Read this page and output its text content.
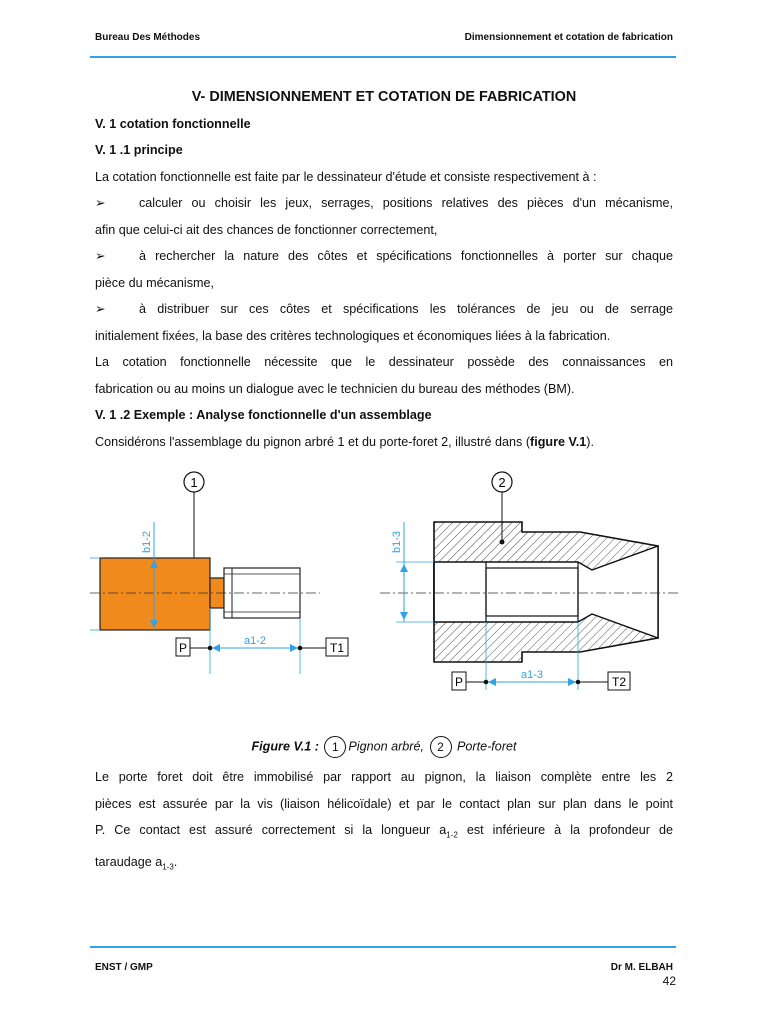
Bureau Des Méthodes	Dimensionnement et cotation de fabrication

V- DIMENSIONNEMENT ET COTATION DE FABRICATION

V. 1 cotation fonctionnelle

V. 1 .1 principe

La cotation fonctionnelle est faite par le dessinateur d'étude et consiste respectivement à :

➢	calculer ou choisir les jeux, serrages, positions relatives des pièces d'un mécanisme,

afin que celui-ci ait des chances de fonctionner correctement,

➢	à rechercher la nature des côtes et spécifications fonctionnelles à porter sur chaque

pièce du mécanisme,

➢	à distribuer sur ces côtes et spécifications les tolérances de jeu ou de serrage

initialement fixées, la base des critères technologiques et économiques liées à la fabrication.

La cotation fonctionnelle nécessite que le dessinateur possède des connaissances en

fabrication ou au moins un dialogue avec le technicien du bureau des méthodes (BM).

V. 1 .2 Exemple : Analyse fonctionnelle d'un assemblage

Considérons l'assemblage du pignon arbré 1 et du porte-foret 2, illustré dans (figure V.1).

1
b1-2
a1-2
P	T1
2
b1-3
a1-3
P	T2
Figure V.1 : 1 Pignon arbré, 2 Porte-foret

Le porte foret doit être immobilisé par rapport au pignon, la liaison complète entre les 2

pièces est assurée par la vis (liaison hélicoïdale) et par le contact plan sur plan dans le point

P. Ce contact est assuré correctement si la longueur $a_{1-2}$ est inférieure à la profondeur de

taraudage $a_{1-3}$.

ENST / GMP	Dr M. ELBAH
42
